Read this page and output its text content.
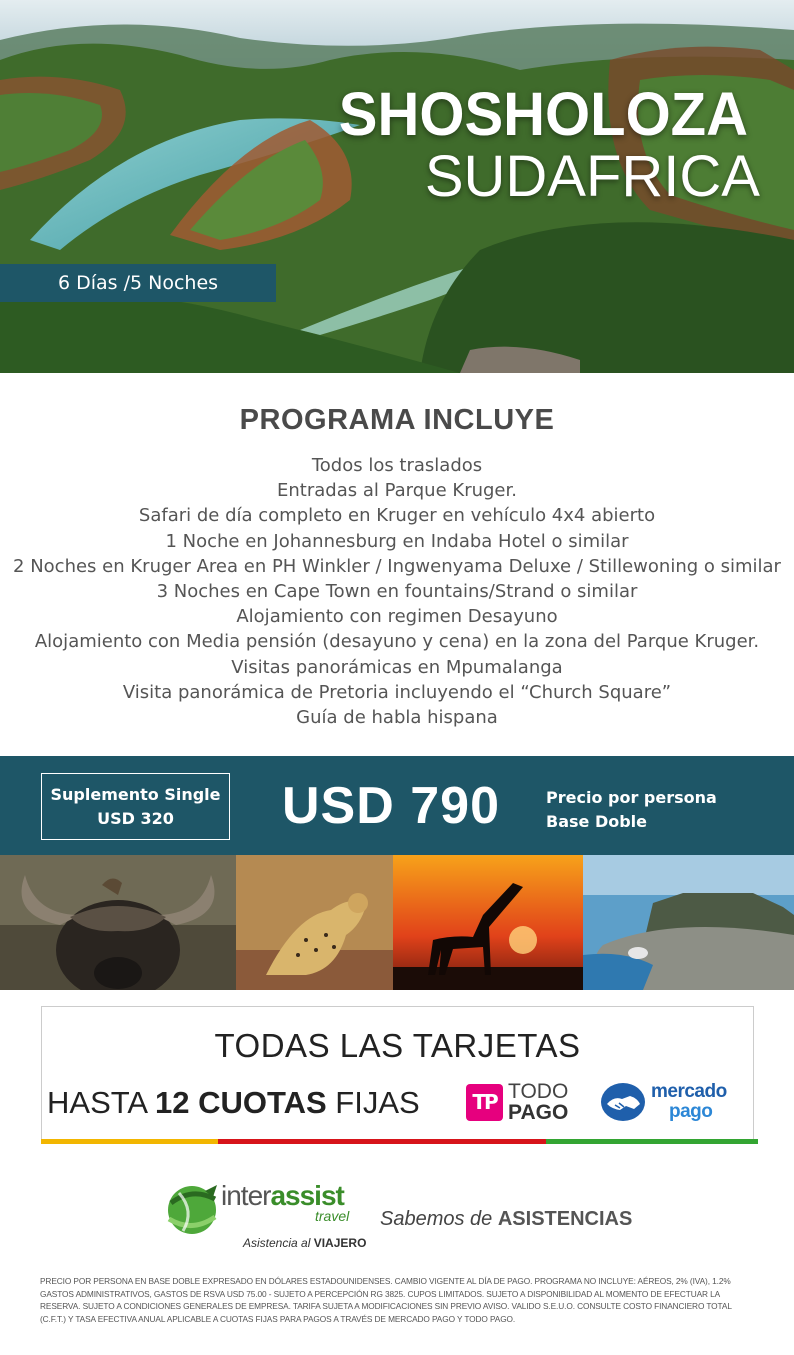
SHOSHOLOZA
SUDAFRICA
6 Días /5 Noches
PROGRAMA INCLUYE
Todos los traslados
Entradas al Parque Kruger.
Safari de día completo en Kruger en vehículo 4x4 abierto
1 Noche en Johannesburg en Indaba Hotel o similar
2 Noches en Kruger Area en PH Winkler / Ingwenyama Deluxe / Stillewoning o similar
3 Noches en Cape Town en fountains/Strand o similar
Alojamiento con regimen Desayuno
Alojamiento con Media pensión (desayuno y cena) en la zona del Parque Kruger.
Visitas panorámicas en Mpumalanga
Visita panorámica de Pretoria incluyendo el “Church Square”
Guía de habla hispana
Suplemento Single
USD 320	USD 790	Precio por persona
Base Doble
TODAS LAS TARJETAS
HASTA 12 CUOTAS FIJAS	TP TODO
PAGO
mercado
pago
interassist
travel
Asistencia al VIAJERO
Sabemos de ASISTENCIAS

PRECIO POR PERSONA EN BASE DOBLE EXPRESADO EN DÓLARES ESTADOUNIDENSES. CAMBIO VIGENTE AL DÍA DE PAGO. PROGRAMA NO INCLUYE: AÉREOS, 2% (IVA), 1.2% GASTOS ADMINISTRATIVOS, GASTOS DE RSVA USD 75.00 - SUJETO A PERCEPCIÓN RG 3825. CUPOS LIMITADOS. SUJETO A DISPONIBILIDAD AL MOMENTO DE EFECTUAR LA RESERVA. SUJETO A CONDICIONES GENERALES DE EMPRESA. TARIFA SUJETA A MODIFICACIONES SIN PREVIO AVISO. VALIDO S.E.U.O. CONSULTE COSTO FINANCIERO TOTAL (C.F.T.) Y TASA EFECTIVA ANUAL APLICABLE A CUOTAS FIJAS PARA PAGOS A TRAVÉS DE MERCADO PAGO Y TODO PAGO.
